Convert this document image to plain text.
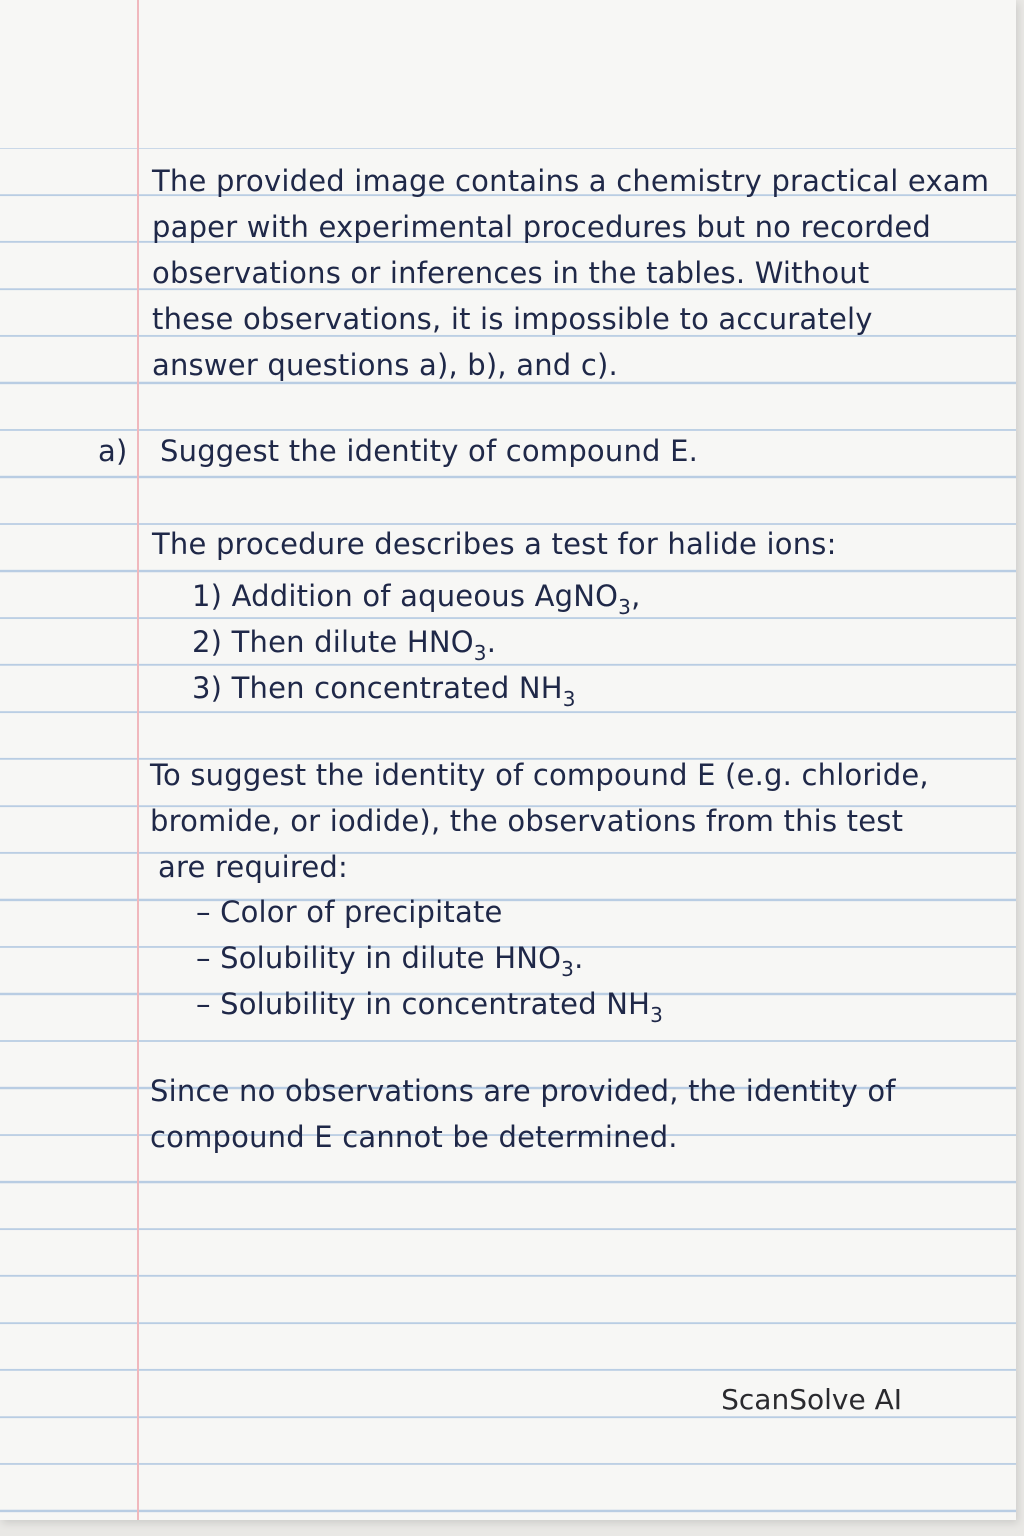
The provided image contains a chemistry practical exam
paper with experimental procedures but no recorded
observations or inferences in the tables. Without
these observations, it is impossible to accurately
answer questions a), b), and c).
a) Suggest the identity of compound E.
The procedure describes a test for halide ions:
1) Addition of aqueous AgNO$_3$,
2) Then dilute $HNO_3$.
3) Then concentrated $NH_3$
To suggest the identity of compound E (e.g. chloride,
bromide, or iodide), the observations from this test
are required:
– Color of precipitate
– Solubility in dilute $HNO_3$.
– Solubility in concentrated $NH_3$
Since no observations are provided, the identity of
compound E cannot be determined.
ScanSolve AI
